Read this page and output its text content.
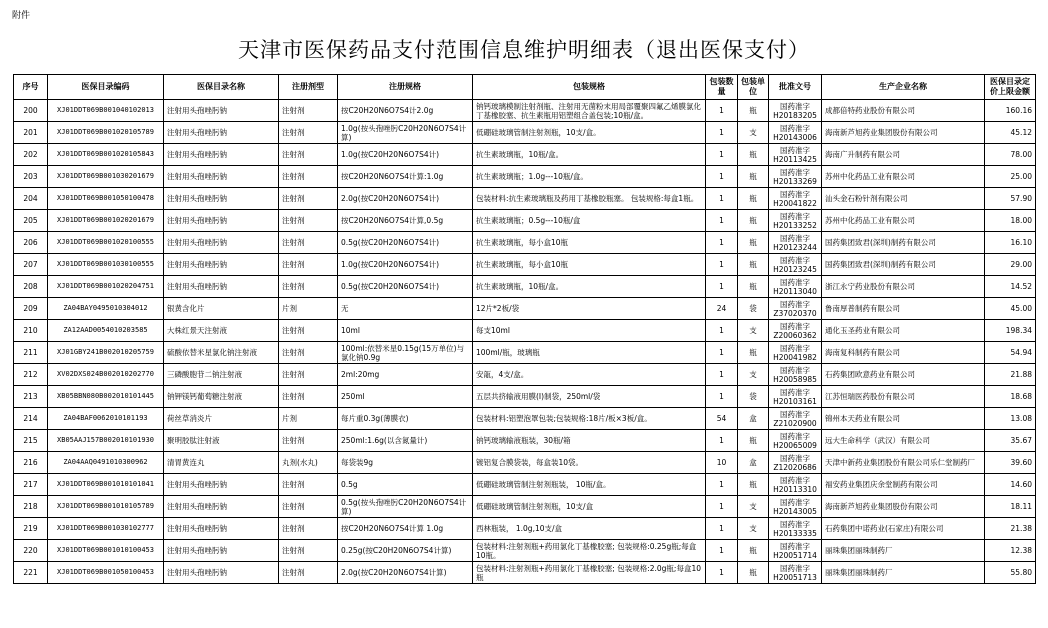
附件
天津市医保药品支付范围信息维护明细表（退出医保支付）
序号	医保目录编码	医保目录名称	注册剂型	注册规格	包装规格	包装数量	包装单位	批准文号	生产企业名称	医保目录定价上限金额
200	XJ01DDT069B001040102013	注射用头孢唑肟钠	注射剂	按C20H20N6O7S4计2.0g	钠钙玻璃模制注射剂瓶、注射用无菌粉末用局部覆聚四氟乙烯膜氯化丁基橡胶塞、抗生素瓶用铝塑组合盖包装;10瓶/盒。	1	瓶	国药准字H20183205	成都倍特药业股份有限公司	160.16
201	XJ01DDT069B001020105789	注射用头孢唑肟钠	注射剂	1.0g(按头孢唑肟C20H20N6O7S4计算)	低硼硅玻璃管制注射剂瓶，10支/盒。	1	支	国药准字H20143006	海南新芦旭药业集团股份有限公司	45.12
202	XJ01DDT069B001020105843	注射用头孢唑肟钠	注射剂	1.0g(按C20H20N6O7S4计)	抗生素玻璃瓶，10瓶/盒。	1	瓶	国药准字H20113425	海南广升制药有限公司	78.00
203	XJ01DDT069B001030201679	注射用头孢唑肟钠	注射剂	按C20H20N6O7S4计算:1.0g	抗生素玻璃瓶；1.0g---10瓶/盒。	1	瓶	国药准字H20133269	苏州中化药品工业有限公司	25.00
204	XJ01DDT069B001050100478	注射用头孢唑肟钠	注射剂	2.0g(按C20H20N6O7S4计)	包装材料:抗生素玻璃瓶及药用丁基橡胶瓶塞。 包装规格:每盒1瓶。	1	瓶	国药准字H20041822	汕头金石粉针剂有限公司	57.90
205	XJ01DDT069B001020201679	注射用头孢唑肟钠	注射剂	按C20H20N6O7S4计算,0.5g	抗生素玻璃瓶；0.5g---10瓶/盒	1	瓶	国药准字H20133252	苏州中化药品工业有限公司	18.00
206	XJ01DDT069B001020100555	注射用头孢唑肟钠	注射剂	0.5g(按C20H20N6O7S4计)	抗生素玻璃瓶，每小盒10瓶	1	瓶	国药准字H20123244	国药集团致君(深圳)制药有限公司	16.10
207	XJ01DDT069B001030100555	注射用头孢唑肟钠	注射剂	1.0g(按C20H20N6O7S4计)	抗生素玻璃瓶，每小盒10瓶	1	瓶	国药准字H20123245	国药集团致君(深圳)制药有限公司	29.00
208	XJ01DDT069B001020204751	注射用头孢唑肟钠	注射剂	0.5g(按C20H20N6O7S4计)	抗生素玻璃瓶，10瓶/盒。	1	瓶	国药准字H20113040	浙江永宁药业股份有限公司	14.52
209	ZA04BAY0495010304012	银黄含化片	片剂	无	12片*2板/袋	24	袋	国药准字Z37020370	鲁南厚普制药有限公司	45.00
210	ZA12AAD0054010203585	大株红景天注射液	注射剂	10ml	每支10ml	1	支	国药准字Z20060362	通化玉圣药业有限公司	198.34
211	XJ01GBY241B002010205759	硫酸依替米星氯化钠注射液	注射剂	100ml:依替米星0.15g(15万单位)与氯化钠0.9g	100ml/瓶，玻璃瓶	1	瓶	国药准字H20041982	海南复科制药有限公司	54.94
212	XV02DXS024B002010202770	三磷酸胞苷二钠注射液	注射剂	2ml:20mg	安瓿，4支/盒。	1	支	国药准字H20058985	石药集团欧意药业有限公司	21.88
213	XB05BBN080B002010101445	钠钾镁钙葡萄糖注射液	注射剂	250ml	五层共挤输液用膜(I)制袋，250ml/袋	1	袋	国药准字H20103161	江苏恒瑞医药股份有限公司	18.68
214	ZA04BAF0062010101193	荷丝草消炎片	片剂	每片重0.3g(薄膜衣)	包装材料:铝塑泡罩包装;包装规格:18片/板×3板/盒。	54	盒	国药准字Z21020900	锦州本天药业有限公司	13.08
215	XB05AAJ157B002010101930	聚明胶肽注射液	注射剂	250ml:1.6g(以含氮量计)	钠钙玻璃输液瓶装，30瓶/箱	1	瓶	国药准字H20065009	远大生命科学（武汉）有限公司	35.67
216	ZA04AAQ0491010300962	清胃黄连丸	丸剂(水丸)	每袋装9g	镀铝复合膜袋装，每盒装10袋。	10	盒	国药准字Z12020686	天津中新药业集团股份有限公司乐仁堂制药厂	39.60
217	XJ01DDT069B001010101041	注射用头孢唑肟钠	注射剂	0.5g	低硼硅玻璃管制注射剂瓶装， 10瓶/盒。	1	瓶	国药准字H20113310	福安药业集团庆余堂制药有限公司	14.60
218	XJ01DDT069B001010105789	注射用头孢唑肟钠	注射剂	0.5g(按头孢唑肟C20H20N6O7S4计算)	低硼硅玻璃管制注射剂瓶，10支/盒	1	支	国药准字H20143005	海南新芦旭药业集团股份有限公司	18.11
219	XJ01DDT069B001030102777	注射用头孢唑肟钠	注射剂	按C20H20N6O7S4计算 1.0g	西林瓶装， 1.0g,10支/盒	1	支	国药准字H20133335	石药集团中诺药业(石家庄)有限公司	21.38
220	XJ01DDT069B001010100453	注射用头孢唑肟钠	注射剂	0.25g(按C20H20N6O7S4计算)	包装材料:注射剂瓶+药用氯化丁基橡胶塞; 包装规格:0.25g瓶;每盒10瓶。	1	瓶	国药准字H20051714	丽珠集团丽珠制药厂	12.38
221	XJ01DDT069B001050100453	注射用头孢唑肟钠	注射剂	2.0g(按C20H20N6O7S4计算)	包装材料:注射剂瓶+药用氯化丁基橡胶塞; 包装规格:2.0g瓶;每盒10瓶	1	瓶	国药准字H20051713	丽珠集团丽珠制药厂	55.80
